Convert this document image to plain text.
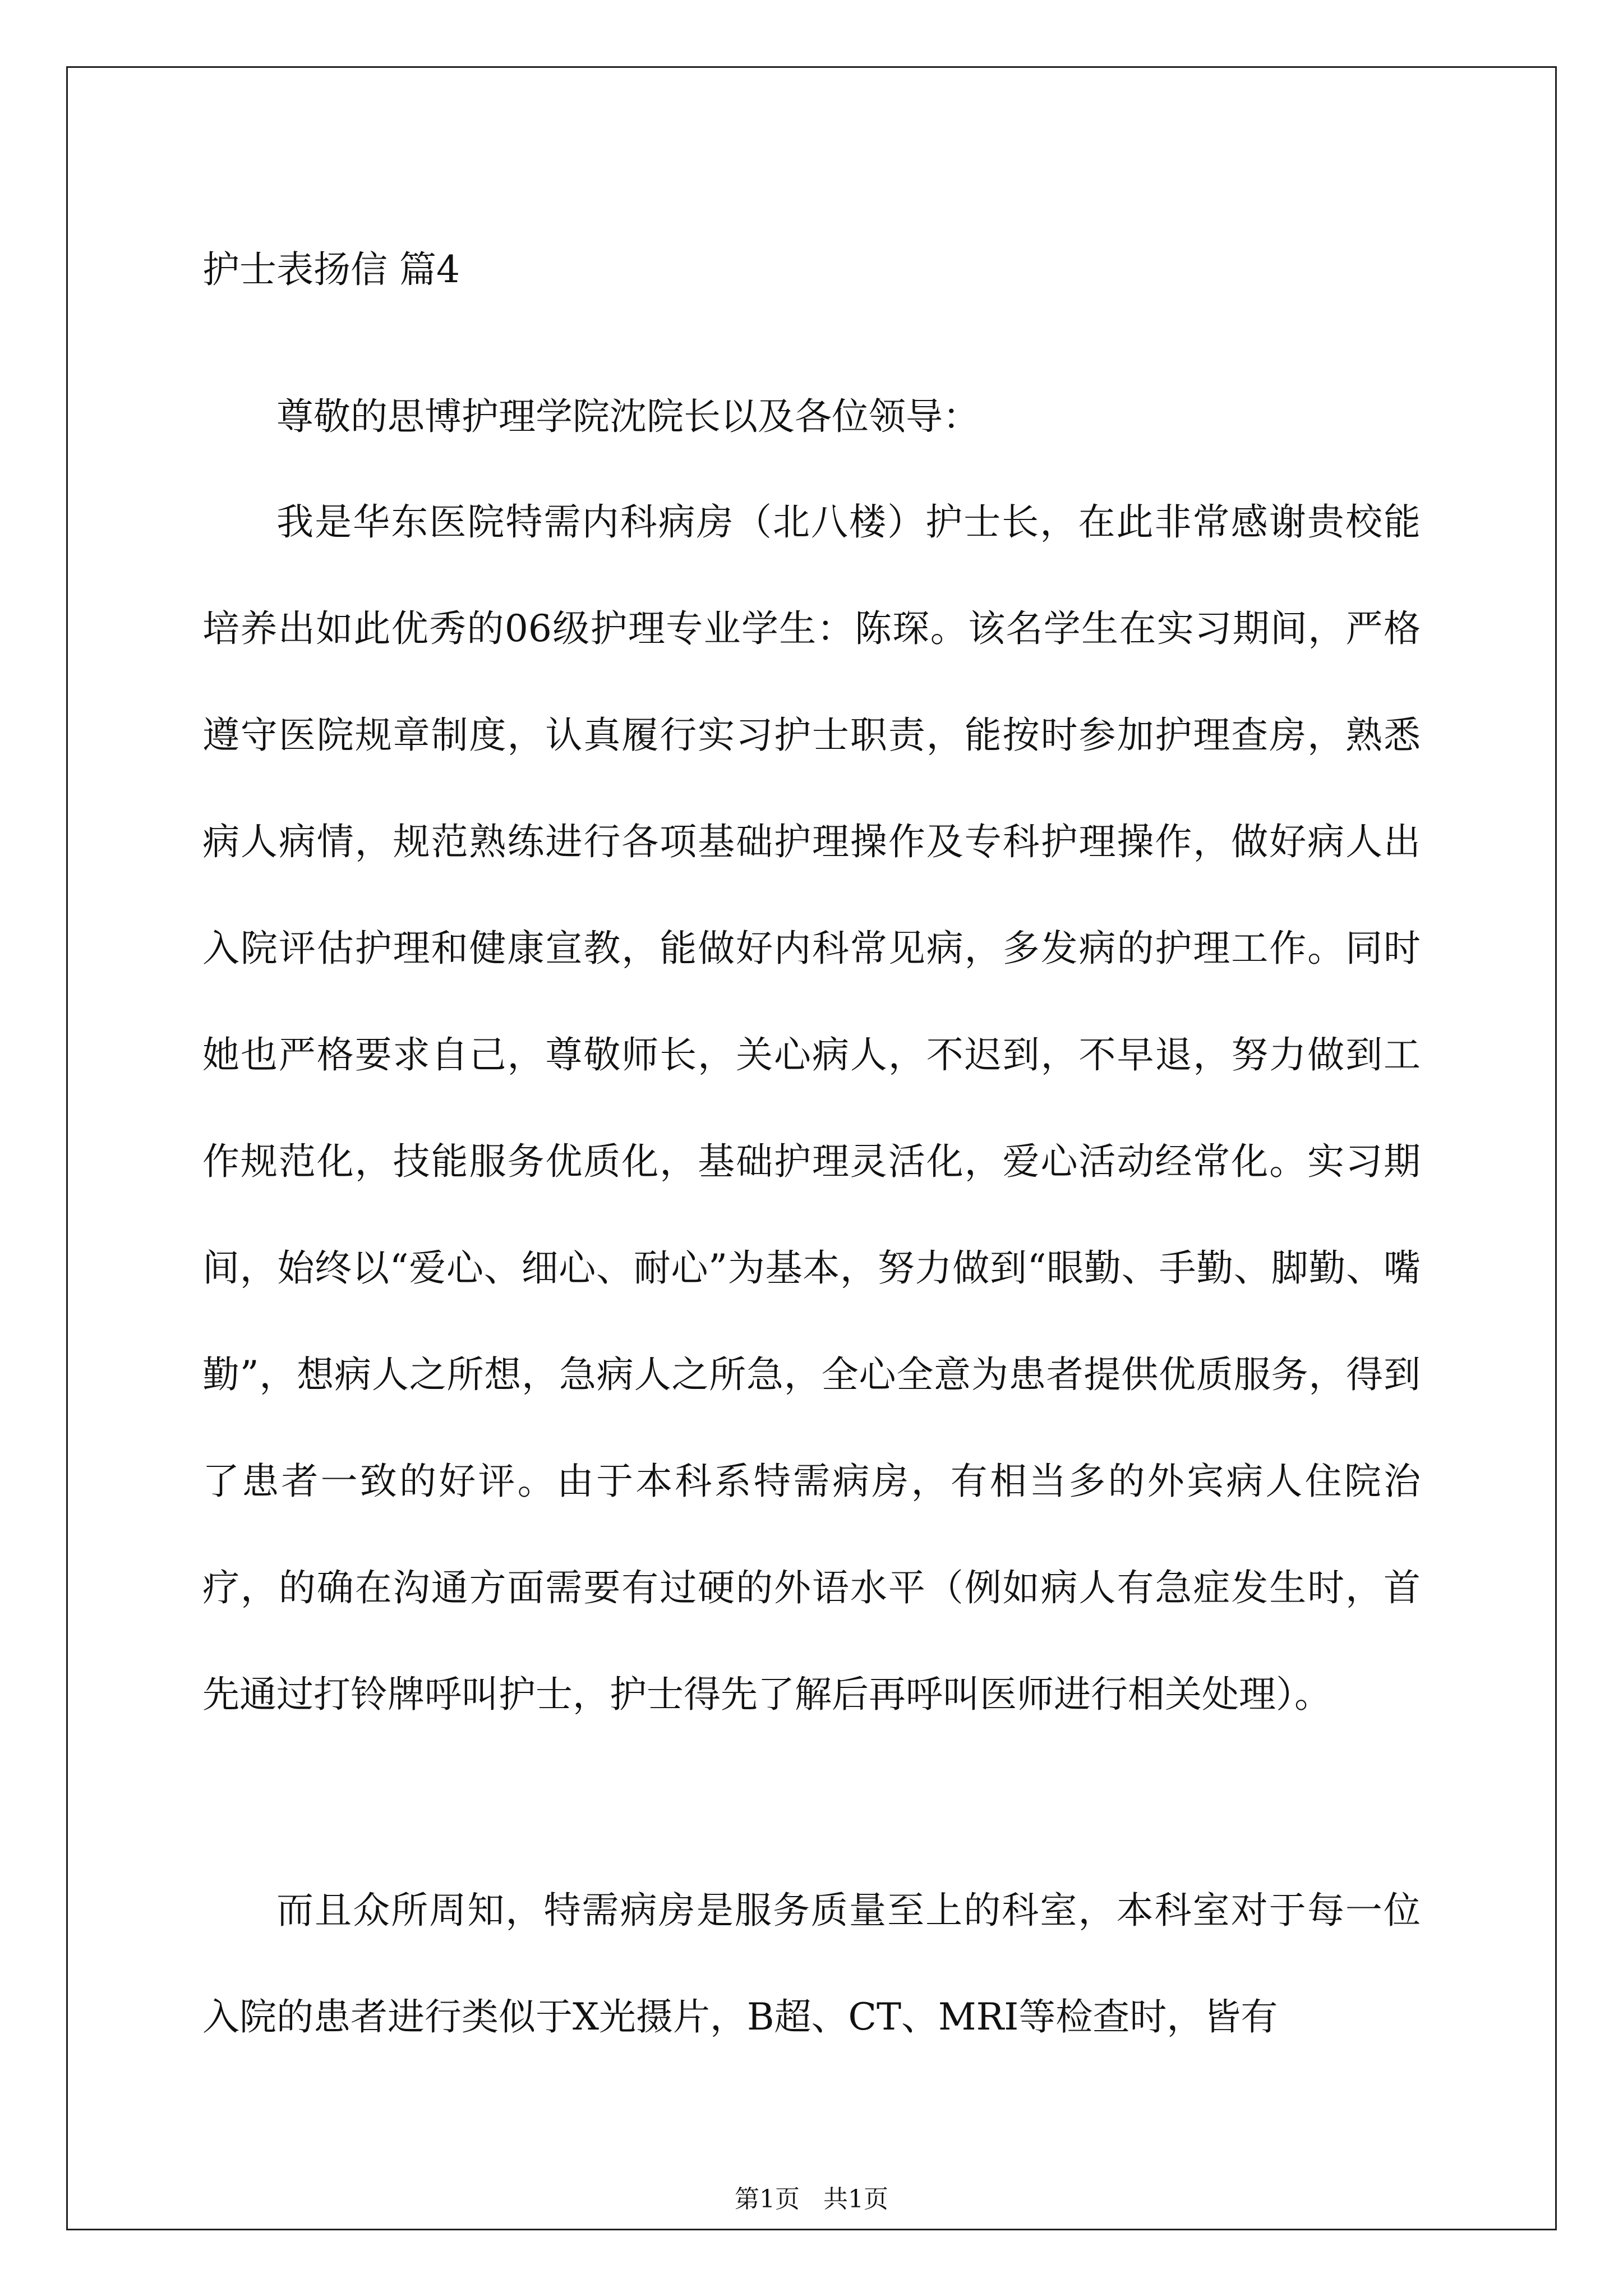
护士表扬信 篇4

尊敬的思博护理学院沈院长以及各位领导：

我是华东医院特需内科病房（北八楼）护士长，在此非常感谢贵校能培养出如此优秀的06级护理专业学生：陈琛。该名学生在实习期间，严格遵守医院规章制度，认真履行实习护士职责，能按时参加护理查房，熟悉病人病情，规范熟练进行各项基础护理操作及专科护理操作，做好病人出入院评估护理和健康宣教，能做好内科常见病，多发病的护理工作。同时她也严格要求自己，尊敬师长，关心病人，不迟到，不早退，努力做到工作规范化，技能服务优质化，基础护理灵活化，爱心活动经常化。实习期间，始终以“爱心、细心、耐心”为基本，努力做到“眼勤、手勤、脚勤、嘴勤”，想病人之所想，急病人之所急，全心全意为患者提供优质服务，得到了患者一致的好评。由于本科系特需病房，有相当多的外宾病人住院治疗，的确在沟通方面需要有过硬的外语水平（例如病人有急症发生时，首先通过打铃牌呼叫护士，护士得先了解后再呼叫医师进行相关处理）。

而且众所周知，特需病房是服务质量至上的科室，本科室对于每一位入院的患者进行类似于X光摄片，B超、CT、MRI等检查时，皆有

第1页   共1页
